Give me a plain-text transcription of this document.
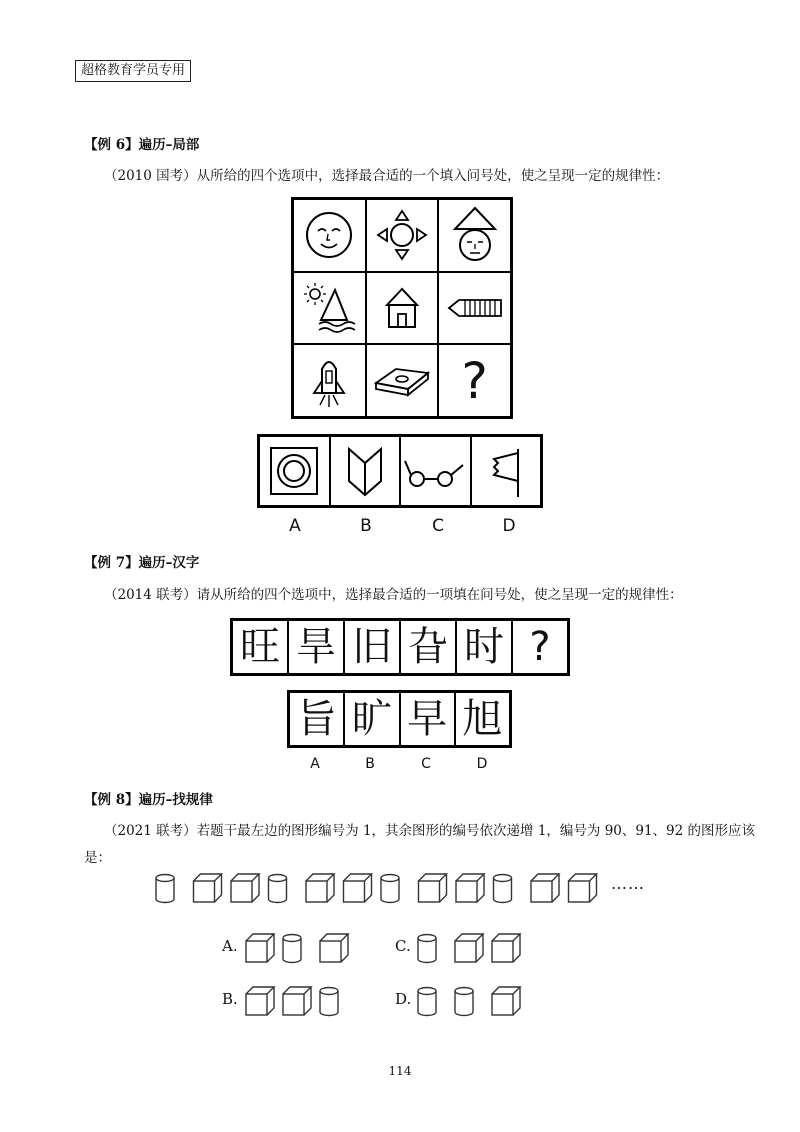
超格教育学员专用
【例 6】遍历–局部
（2010 国考）从所给的四个选项中，选择最合适的一个填入问号处，使之呈现一定的规律性：
?
A	B	C	D
【例 7】遍历–汉字
（2014 联考）请从所给的四个选项中，选择最合适的一项填在问号处，使之呈现一定的规律性：
旺 旱 旧 旮 时 ?
旨 旷 早 旭
A	B	C	D
【例 8】遍历–找规律
（2021 联考）若题干最左边的图形编号为 1，其余图形的编号依次递增 1，编号为 90、91、92 的图形应该
是：
……
A.	C.
B.	D.
114
